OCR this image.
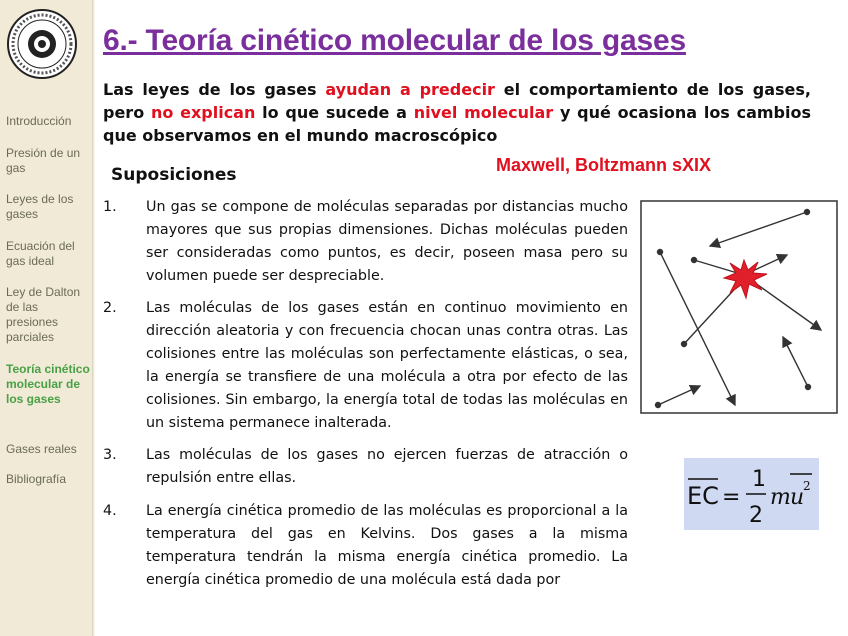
Introducción
Presión de un gas
Leyes de los gases
Ecuación del gas ideal
Ley de Dalton de las presiones parciales
Teoría cinético molecular de los gases
Gases reales
Bibliografía
6.- Teoría cinético molecular de los gases
Las leyes de los gases ayudan a predecir el comportamiento de los gases, pero no explican lo que sucede a nivel molecular y qué ocasiona los cambios que observamos en el mundo macroscópico
Maxwell, Boltzmann sXIX
Suposiciones
1. Un gas se compone de moléculas separadas por distancias mucho mayores que sus propias dimensiones. Dichas moléculas pueden ser consideradas como puntos, es decir, poseen masa pero su volumen puede ser despreciable.
2. Las moléculas de los gases están en continuo movimiento en dirección aleatoria y con frecuencia chocan unas contra otras. Las colisiones entre las moléculas son perfectamente elásticas, o sea, la energía se transfiere de una molécula a otra por efecto de las colisiones. Sin embargo, la energía total de todas las moléculas en un sistema permanece inalterada.
3. Las moléculas de los gases no ejercen fuerzas de atracción o repulsión entre ellas.
4. La energía cinética promedio de las moléculas es proporcional a la temperatura del gas en Kelvins. Dos gases a la misma temperatura tendrán la misma energía cinética promedio. La energía cinética promedio de una molécula está dada por
EC =
1
2
m u
2
